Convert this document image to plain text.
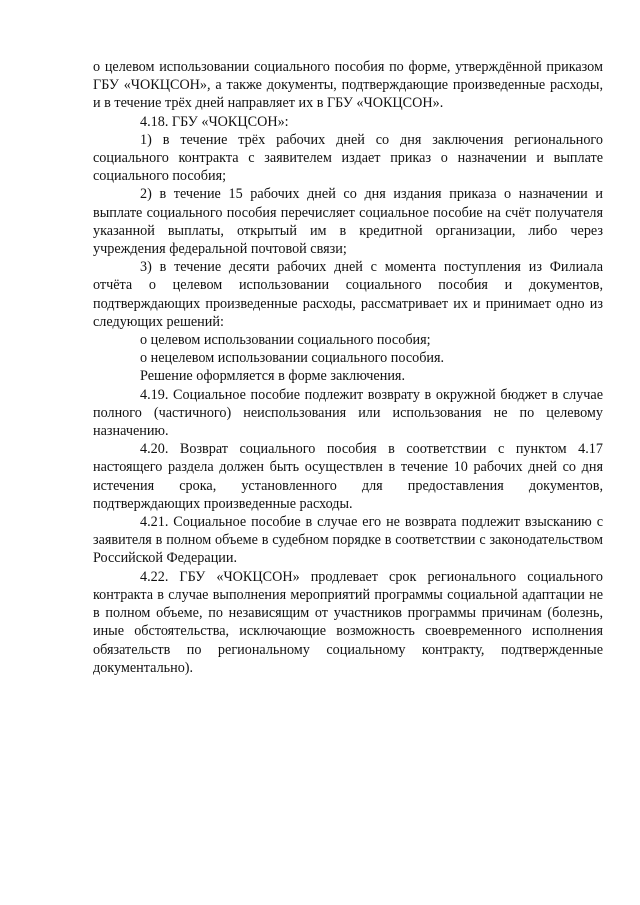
о целевом использовании социального пособия по форме, утверждённой приказом ГБУ «ЧОКЦСОН», а также документы, подтверждающие произведенные расходы, и в течение трёх дней направляет их в ГБУ «ЧОКЦСОН».

4.18. ГБУ «ЧОКЦСОН»:

1) в течение трёх рабочих дней со дня заключения регионального социального контракта с заявителем издает приказ о назначении и выплате социального пособия;

2) в течение 15 рабочих дней со дня издания приказа о назначении и выплате социального пособия перечисляет социальное пособие на счёт получателя указанной выплаты, открытый им в кредитной организации, либо через учреждения федеральной почтовой связи;

3) в течение десяти рабочих дней с момента поступления из Филиала отчёта о целевом использовании социального пособия и документов, подтверждающих произведенные расходы, рассматривает их и принимает одно из следующих решений:

о целевом использовании социального пособия;

о нецелевом использовании социального пособия.

Решение оформляется в форме заключения.

4.19. Социальное пособие подлежит возврату в окружной бюджет в случае полного (частичного) неиспользования или использования не по целевому назначению.

4.20. Возврат социального пособия в соответствии с пунктом 4.17 настоящего раздела должен быть осуществлен в течение 10 рабочих дней со дня истечения срока, установленного для предоставления документов, подтверждающих произведенные расходы.

4.21. Социальное пособие в случае его не возврата подлежит взысканию с заявителя в полном объеме в судебном порядке в соответствии с законодательством Российской Федерации.

4.22. ГБУ «ЧОКЦСОН» продлевает срок регионального социального контракта в случае выполнения мероприятий программы социальной адаптации не в полном объеме, по независящим от участников программы причинам (болезнь, иные обстоятельства, исключающие возможность своевременного исполнения обязательств по региональному социальному контракту, подтвержденные документально).
